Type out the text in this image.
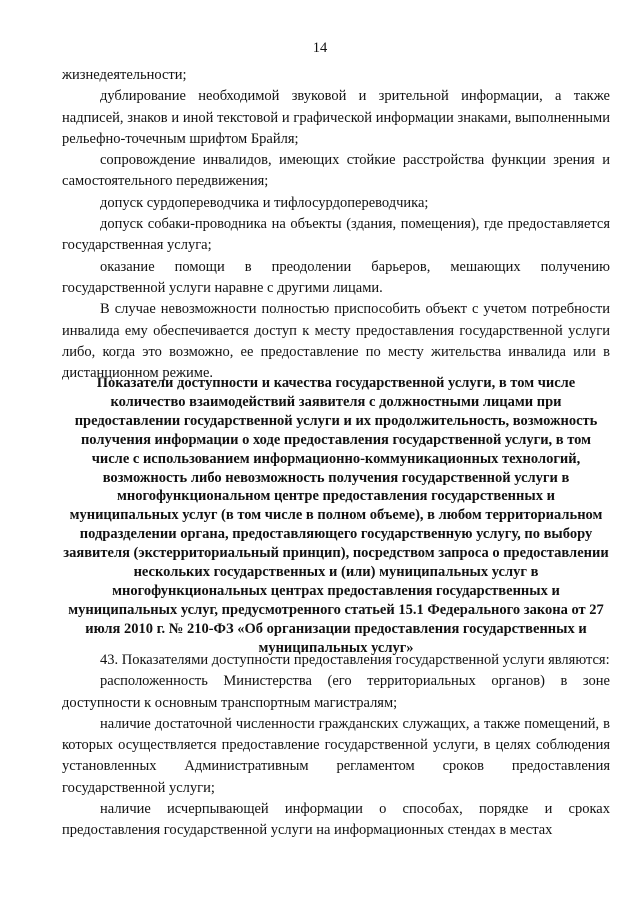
14

жизнедеятельности;

дублирование необходимой звуковой и зрительной информации, а также надписей, знаков и иной текстовой и графической информации знаками, выполненными рельефно-точечным шрифтом Брайля;

сопровождение инвалидов, имеющих стойкие расстройства функции зрения и самостоятельного передвижения;

допуск сурдопереводчика и тифлосурдопереводчика;

допуск собаки-проводника на объекты (здания, помещения), где предоставляется государственная услуга;

оказание помощи в преодолении барьеров, мешающих получению государственной услуги наравне с другими лицами.

В случае невозможности полностью приспособить объект с учетом потребности инвалида ему обеспечивается доступ к месту предоставления государственной услуги либо, когда это возможно, ее предоставление по месту жительства инвалида или в дистанционном режиме.

Показатели доступности и качества государственной услуги, в том числе количество взаимодействий заявителя с должностными лицами при предоставлении государственной услуги и их продолжительность, возможность получения информации о ходе предоставления государственной услуги, в том числе с использованием информационно-коммуникационных технологий, возможность либо невозможность получения государственной услуги в многофункциональном центре предоставления государственных и муниципальных услуг (в том числе в полном объеме), в любом территориальном подразделении органа, предоставляющего государственную услугу, по выбору заявителя (экстерриториальный принцип), посредством запроса о предоставлении нескольких государственных и (или) муниципальных услуг в многофункциональных центрах предоставления государственных и муниципальных услуг, предусмотренного статьей 15.1 Федерального закона от 27 июля 2010 г. № 210-ФЗ «Об организации предоставления государственных и муниципальных услуг»

43. Показателями доступности предоставления государственной услуги являются:

расположенность Министерства (его территориальных органов) в зоне доступности к основным транспортным магистралям;

наличие достаточной численности гражданских служащих, а также помещений, в которых осуществляется предоставление государственной услуги, в целях соблюдения установленных Административным регламентом сроков предоставления государственной услуги;

наличие исчерпывающей информации о способах, порядке и сроках предоставления государственной услуги на информационных стендах в местах
